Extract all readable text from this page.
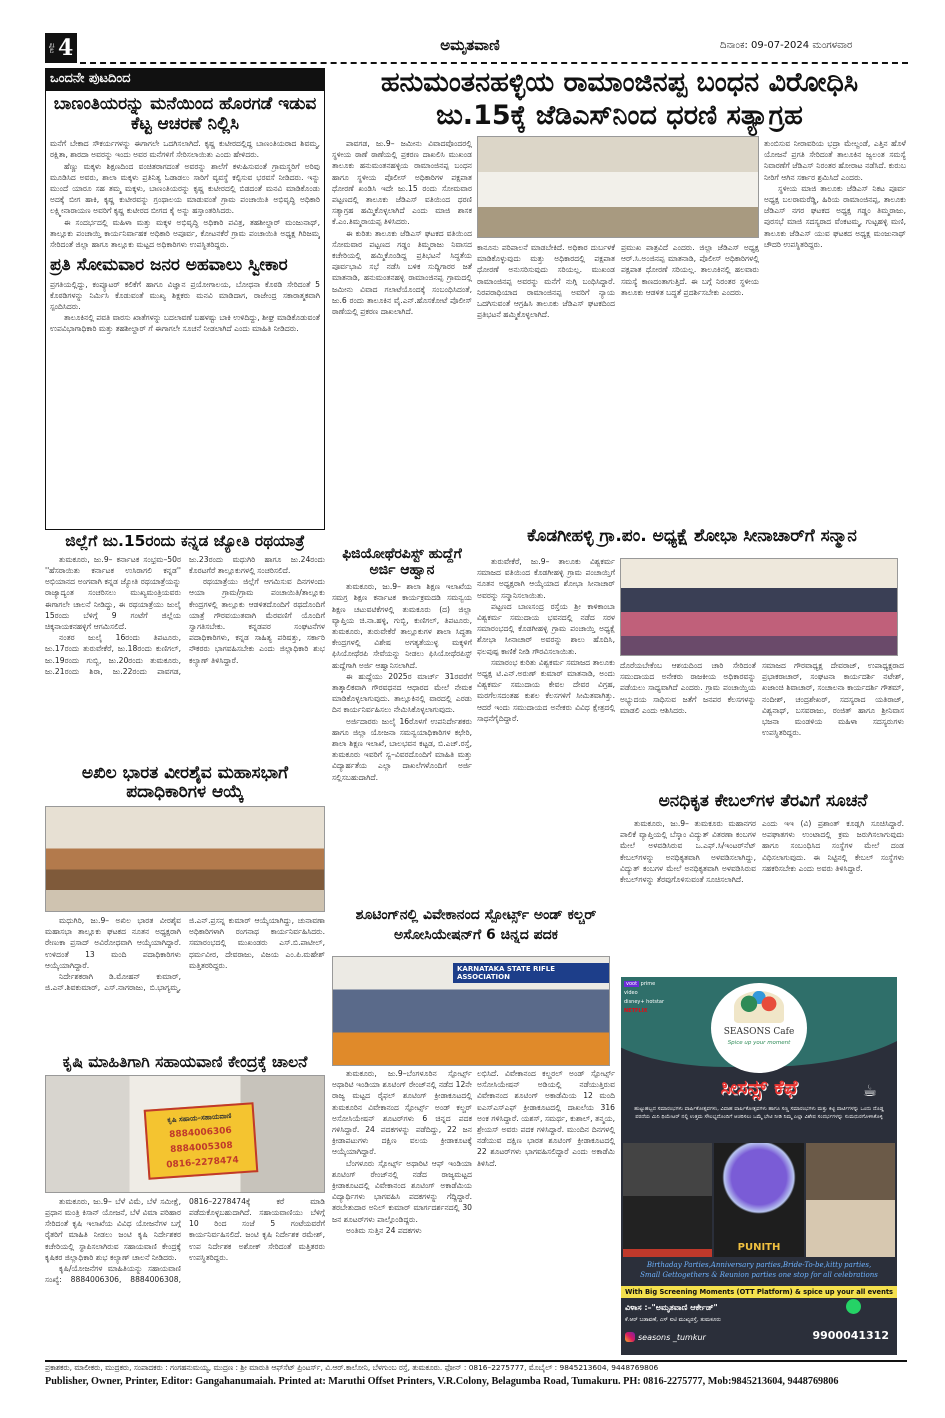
ಪುಟ 4	ಅಮೃತವಾಣಿ	ದಿನಾಂಕ: 09-07-2024 ಮಂಗಳವಾರ
ಒಂದನೇ ಪುಟದಿಂದ
ಬಾಣಂತಿಯರನ್ನು ಮನೆಯಿಂದ ಹೊರಗಡೆ ಇಡುವ ಕೆಟ್ಟ ಆಚರಣೆ ನಿಲ್ಲಿಸಿ

ಮನೆಗೆ ಬೇಕಾದ ಸೌಕರ್ಯಗಳನ್ನು ಈಗಾಗಲೇ ಒದಗಿಸಲಾಗಿದೆ. ಕೃಷ್ಣ ಕುಟೀರದಲ್ಲಿದ್ದ ಬಾಣಂತಿಯರಾದ ಶಿವಮ್ಮ, ರಕ್ಷಿತಾ, ಶಾರದಾ ಅವರನ್ನು ಇಂದು ಅವರ ಮನೆಗಳಿಗೆ ಸೇರಿಸಲಾಯಿತು ಎಂದು ಹೇಳಿದರು.

ಹೆಣ್ಣು ಮಕ್ಕಳು ಶಿಕ್ಷಣದಿಂದ ವಂಚಿತರಾಗದಂತೆ ಅವರನ್ನು ಶಾಲೆಗೆ ಕಳುಹಿಸುವಂತೆ ಗ್ರಾಮಸ್ಥರಿಗೆ ಅರಿವು ಮೂಡಿಸಿದ ಅವರು, ಶಾಲಾ ಮಕ್ಕಳು ಪ್ರತಿನಿತ್ಯ ಓಡಾಡಲು ಸಾರಿಗೆ ವ್ಯವಸ್ಥೆ ಕಲ್ಪಿಸುವ ಭರವಸೆ ನೀಡಿದರು. ಇನ್ನು ಮುಂದೆ ಯಾರೂ ಸಹ ತಮ್ಮ ಮಕ್ಕಳು, ಬಾಣಂತಿಯರನ್ನು ಕೃಷ್ಣ ಕುಟೀರದಲ್ಲಿ ಬಿಡದಂತೆ ಮನವಿ ಮಾಡಿಕೊಂಡು ಅದಕ್ಕೆ ಬೀಗ ಹಾಕಿ, ಕೃಷ್ಣ ಕುಟೀರವನ್ನು ಗ್ರಂಥಾಲಯ ಮಾಡುವಂತೆ ಗ್ರಾಮ ಪಂಚಾಯಿತಿ ಅಭಿವೃದ್ಧಿ ಅಧಿಕಾರಿ ಲಕ್ಷ್ಮೀನಾರಾಯಣ ಅವರಿಗೆ ಕೃಷ್ಣ ಕುಟೀರದ ಬೀಗದ ಕೈ ಅನ್ನು ಹಸ್ತಾಂತರಿಸಿದರು.

ಈ ಸಂದರ್ಭದಲ್ಲಿ ಮಹಿಳಾ ಮತ್ತು ಮಕ್ಕಳ ಅಭಿವೃದ್ಧಿ ಅಧಿಕಾರಿ ಪವಿತ್ರ, ತಹಶೀಲ್ದಾರ್ ಮಂಜುನಾಥ್, ತಾಲ್ಲೂಕು ಪಂಚಾಯ್ತಿ ಕಾರ್ಯನಿರ್ವಾಹಕ ಅಧಿಕಾರಿ ಅಪೂರ್ವ, ಕೋಟನಕೆರೆ ಗ್ರಾಮ ಪಂಚಾಯಿತಿ ಅಧ್ಯಕ್ಷ ಗಿರಿಜಮ್ಮ ಸೇರಿದಂತೆ ಜಿಲ್ಲಾ ಹಾಗೂ ತಾಲ್ಲೂಕು ಮಟ್ಟದ ಅಧಿಕಾರಿಗಳು ಉಪಸ್ಥಿತರಿದ್ದರು.

ಪ್ರತಿ ಸೋಮವಾರ ಜನರ ಅಹವಾಲು ಸ್ವೀಕಾರ

ಪ್ರಗತಿಯಲ್ಲಿದ್ದು, ಕಂಪ್ಯೂಟರ್ ಕಲಿಕೆಗೆ ಹಾಗೂ ವಿಜ್ಞಾನ ಪ್ರಯೋಗಾಲಯ, ಬೋಧನಾ ಕೊಠಡಿ ಸೇರಿದಂತೆ 5 ಕೊಠಡಿಗಳನ್ನು ನಿರ್ಮಿಸಿ ಕೊಡುವಂತೆ ಮುಖ್ಯ ಶಿಕ್ಷಕರು ಮನವಿ ಮಾಡಿದಾಗ, ರಾಜೇಂದ್ರ ಸಕಾರಾತ್ಮಕವಾಗಿ ಸ್ಪಂದಿಸಿದರು.

ತಾಲೂಕಿನಲ್ಲಿ ಪವತಿ ವಾರಸು ಖಾತೆಗಳನ್ನು ಬದಲಾವಣೆ ಬಹಳಷ್ಟು ಬಾಕಿ ಉಳಿದಿದ್ದು, ಶೀಘ್ರ ಮಾಡಿಕೊಡುವಂತೆ ಉಪವಿಭಾಗಾಧಿಕಾರಿ ಮತ್ತು ತಹಶೀಲ್ದಾರ್ ಗೆ ಈಗಾಗಲೇ ಸೂಚನೆ ನೀಡಲಾಗಿದೆ ಎಂದು ಮಾಹಿತಿ ನೀಡಿದರು.

ಜಿಲ್ಲೆಗೆ ಜು.15ರಂದು ಕನ್ನಡ ಜ್ಯೋತಿ ರಥಯಾತ್ರೆ

ತುಮಕೂರು, ಜು.9– ಕರ್ನಾಟಕ ಸಂಭ್ರಮ–50ರ ''ಹೆಸರಾಯಿತು ಕರ್ನಾಟಕ ಉಸಿರಾಗಲಿ ಕನ್ನಡ'' ಅಭಿಯಾನದ ಅಂಗವಾಗಿ ಕನ್ನಡ ಜ್ಯೋತಿ ರಥಯಾತ್ರೆಯನ್ನು ರಾಜ್ಯಾದ್ಯಂತ ಸಂಚರಿಸಲು ಮುಖ್ಯಮಂತ್ರಿಯವರು ಈಗಾಗಲೇ ಚಾಲನೆ ನೀಡಿದ್ದು, ಈ ರಥಯಾತ್ರೆಯು ಜುಲೈ 15ರಂದು ಬೆಳಿಗ್ಗೆ 9 ಗಂಟೆಗೆ ಜಿಲ್ಲೆಯ ಚಿಕ್ಕನಾಯಕನಹಳ್ಳಿಗೆ ಆಗಮಿಸಲಿದೆ.

ನಂತರ ಜುಲೈ 16ರಂದು ತಿಪಟೂರು, ಜು.17ರಂದು ತುರುವೇಕೆರೆ, ಜು.18ರಂದು ಕುಣಿಗಲ್, ಜು.19ರಂದು ಗುಬ್ಬಿ, ಜು.20ರಂದು ತುಮಕೂರು, ಜು.21ರಂದು ಶಿರಾ, ಜು.22ರಂದು ಪಾವಗಡ, ಜು.23ರಂದು ಮಧುಗಿರಿ ಹಾಗೂ ಜು.24ರಂದು ಕೊರಟಗೆರೆ ತಾಲ್ಲೂಕುಗಳಲ್ಲಿ ಸಂಚರಿಸಲಿದೆ.

ರಥಯಾತ್ರೆಯು ಜಿಲ್ಲೆಗೆ ಆಗಮಿಸುವ ದಿನಗಳಂದು ಆಯಾ ಗ್ರಾಮ/ಗ್ರಾಮ ಪಂಚಾಯಿತಿ/ತಾಲ್ಲೂಕು ಕೇಂದ್ರಗಳಲ್ಲಿ ತಾಲ್ಲೂಕು ಆಡಳಿತದೊಂದಿಗೆ ರಥದೊಂದಿಗೆ ಯಾತ್ರೆ ಗೌರವಯುತವಾಗಿ ಮೆರವಣಿಗೆ ಯೊಂದಿಗೆ ಸ್ವಾಗತಿಸಬೇಕು. ಕನ್ನಡಪರ ಸಂಘಟನೆಗಳ ಪದಾಧಿಕಾರಿಗಳು, ಕನ್ನಡ ಸಾಹಿತ್ಯ ಪರಿಷತ್ತು, ಸರ್ಕಾರಿ ನೌಕರರು ಭಾಗವಹಿಸಬೇಕು ಎಂದು ಜಿಲ್ಲಾಧಿಕಾರಿ ಶುಭ ಕಲ್ಯಾಣ್ ತಿಳಿಸಿದ್ದಾರೆ.

ಅಖಿಲ ಭಾರತ ವೀರಶೈವ ಮಹಾಸಭಾಗೆ ಪದಾಧಿಕಾರಿಗಳ ಆಯ್ಕೆ

ಮಧುಗಿರಿ, ಜು.9– ಅಖಿಲ ಭಾರತ ವೀರಶೈವ ಮಹಾಸಭಾ ತಾಲ್ಲೂಕು ಘಟಕದ ನೂತನ ಅಧ್ಯಕ್ಷರಾಗಿ ರೇಣುಕಾ ಪ್ರಸಾದ್ ಅವಿರೋಧವಾಗಿ ಆಯ್ಕೆಯಾಗಿದ್ದಾರೆ. ಉಳಿದಂತೆ 13 ಮಂದಿ ಪದಾಧಿಕಾರಿಗಳು ಆಯ್ಕೆಯಾಗಿದ್ದಾರೆ.

ನಿರ್ದೇಶಕರಾಗಿ ಡಿ.ಮೋಹನ್ ಕುಮಾರ್, ಜಿ.ಎನ್.ಶಿವಕುಮಾರ್, ಎಸ್.ನಾಗರಾಜು, ಬಿ.ಭಾಗ್ಯಮ್ಮ, ಜಿ.ಎನ್.ಪ್ರಸನ್ನ ಕುಮಾರ್ ಆಯ್ಕೆಯಾಗಿದ್ದು, ಚುನಾವಣಾ ಅಧಿಕಾರಿಗಳಾಗಿ ರಂಗನಾಥ ಕಾರ್ಯನಿರ್ವಹಿಸಿದರು. ಸಮಾರಂಭದಲ್ಲಿ ಮುಖಂಡರು ಎಸ್.ಬಿ.ಪಾಟೀಲ್, ಧರ್ಮವೀರ, ದೇವರಾಜು, ವಿಜಯ ಎಂ.ಪಿ.ಮಹೇಶ್ ಮತ್ತಿತರರಿದ್ದರು.

ಕೃಷಿ ಮಾಹಿತಿಗಾಗಿ ಸಹಾಯವಾಣಿ ಕೇಂದ್ರಕ್ಕೆ ಚಾಲನೆ
ಕೃಷಿ ಸಹಾಯ–ಸಹಾಯವಾಣಿ
8884006306
8884005308
0816-2278474

ತುಮಕೂರು, ಜು.9– ಬೆಳೆ ವಿಮೆ, ಬೆಳೆ ಸಮೀಕ್ಷೆ, ಪ್ರಧಾನ ಮಂತ್ರಿ ಕಿಸಾನ್ ಯೋಜನೆ, ಬೆಳೆ ವಿಮಾ ಪರಿಹಾರ ಸೇರಿದಂತೆ ಕೃಷಿ ಇಲಾಖೆಯ ವಿವಿಧ ಯೋಜನೆಗಳ ಬಗ್ಗೆ ರೈತರಿಗೆ ಮಾಹಿತಿ ನೀಡಲು ಜಂಟಿ ಕೃಷಿ ನಿರ್ದೇಶಕರ ಕಚೇರಿಯಲ್ಲಿ ಸ್ಥಾಪಿಸಲಾಗಿರುವ ಸಹಾಯವಾಣಿ ಕೇಂದ್ರಕ್ಕೆ ಕೃಷಿಕರ ಜಿಲ್ಲಾಧಿಕಾರಿ ಶುಭ ಕಲ್ಯಾಣ್ ಚಾಲನೆ ನೀಡಿದರು.

ಕೃಷಿ/ಯೋಜನೆಗಳ ಮಾಹಿತಿಯನ್ನು ಸಹಾಯವಾಣಿ ಸಂಖ್ಯೆ: 8884006306, 8884006308, 0816–2278474ಕ್ಕೆ ಕರೆ ಮಾಡಿ ಪಡೆದುಕೊಳ್ಳಬಹುದಾಗಿದೆ. ಸಹಾಯವಾಣಿಯು ಬೆಳಿಗ್ಗೆ 10 ರಿಂದ ಸಂಜೆ 5 ಗಂಟೆಯವರೆಗೆ ಕಾರ್ಯನಿರ್ವಹಿಸಲಿದೆ. ಜಂಟಿ ಕೃಷಿ ನಿರ್ದೇಶಕ ರಮೇಶ್, ಉಪ ನಿರ್ದೇಶಕ ಅಶೋಕ್ ಸೇರಿದಂತೆ ಮತ್ತಿತರರು ಉಪಸ್ಥಿತರಿದ್ದರು.

ಹನುಮಂತನಹಳ್ಳಿಯ ರಾಮಾಂಜಿನಪ್ಪ ಬಂಧನ ವಿರೋಧಿಸಿ
ಜು.15ಕ್ಕೆ ಜೆಡಿಎಸ್‌ನಿಂದ ಧರಣಿ ಸತ್ಯಾಗ್ರಹ

ಪಾವಗಡ, ಜು.9– ಜಮೀನು ವಿವಾದವೊಂದರಲ್ಲಿ ಸ್ಥಳೀಯ ಠಾಣೆ ಠಾಣೆಯಲ್ಲಿ ಪ್ರಕರಣ ದಾಖಲಿಸಿ ಮುಖಂಡ ತಾಲೂಕು ಹನುಮಂತನಹಳ್ಳಿಯ ರಾಮಾಂಜಿನಪ್ಪ ಬಂಧನ ಹಾಗೂ ಸ್ಥಳೀಯ ಪೊಲೀಸ್ ಅಧಿಕಾರಿಗಳ ಪಕ್ಷಪಾತ ಧೋರಣೆ ಖಂಡಿಸಿ ಇದೇ ಜು.15 ರಂದು ಸೋಮವಾರ ಪಟ್ಟಣದಲ್ಲಿ ತಾಲೂಕು ಜೆಡಿಎಸ್ ವತಿಯಿಂದ ಧರಣಿ ಸತ್ಯಾಗ್ರಹ ಹಮ್ಮಿಕೊಳ್ಳಲಾಗಿದೆ ಎಂದು ಮಾಜಿ ಶಾಸಕ ಕೆ.ಎಂ.ತಿಮ್ಮರಾಯಪ್ಪ ತಿಳಿಸಿದರು.

ಈ ಕುರಿತು ತಾಲೂಕು ಜೆಡಿಎಸ್ ಘಟಕದ ವತಿಯಿಂದ ಸೋಮವಾರ ಪಟ್ಟಣದ ಗಡ್ಡಂ ತಿಮ್ಮರಾಜು ನಿವಾಸದ ಕಚೇರಿಯಲ್ಲಿ ಹಮ್ಮಿಕೊಂಡಿದ್ದ ಪ್ರತಿಭಟನೆ ಸಿದ್ಧತೆಯ ಪೂರ್ವಭಾವಿ ಸಭೆ ನಡೆಸಿ ಬಳಿಕ ಸುದ್ದಿಗಾರರ ಜತೆ ಮಾತನಾಡಿ, ಹನುಮಂತನಹಳ್ಳಿ ರಾಮಾಂಜಿನಪ್ಪ ಗ್ರಾಮದಲ್ಲಿ ಜಮೀನು ವಿವಾದ ಗಲಾಟೆಯೊಂದಕ್ಕೆ ಸಂಬಂಧಿಸಿದಂತೆ, ಜು.6 ರಂದು ತಾಲೂಕಿನ ವೈ.ಎನ್.ಹೊಸಕೋಟೆ ಪೊಲೀಸ್ ಠಾಣೆಯಲ್ಲಿ ಪ್ರಕರಣ ದಾಖಲಾಗಿದೆ.

ಕಾನೂನು ಪರಿಪಾಲನೆ ಮಾಡಬೇಕಿದೆ. ಅಧಿಕಾರ ದುರ್ಬಳಕೆ ಮಾಡಿಕೊಳ್ಳುವುದು ಮತ್ತು ಅಧಿಕಾರದಲ್ಲಿ ಪಕ್ಷಪಾತ ಧೋರಣೆ ಅನುಸರಿಸುವುದು ಸರಿಯಲ್ಲ. ಮುಖಂಡ ರಾಮಾಂಜಿನಪ್ಪ ಅವರನ್ನು ಮನೆಗೆ ನುಗ್ಗಿ ಬಂಧಿಸಿದ್ದಾರೆ. ನಿರಪರಾಧಿಯಾದ ರಾಮಾಂಜಿನಪ್ಪ ಅವರಿಗೆ ನ್ಯಾಯ ಒದಗಿಸುವಂತೆ ಆಗ್ರಹಿಸಿ ತಾಲೂಕು ಜೆಡಿಎಸ್ ಘಟಕದಿಂದ ಪ್ರತಿಭಟನೆ ಹಮ್ಮಿಕೊಳ್ಳಲಾಗಿದೆ.

ಪ್ರಮುಖ ಪಾತ್ರವಿದೆ ಎಂದರು. ಜಿಲ್ಲಾ ಜೆಡಿಎಸ್ ಅಧ್ಯಕ್ಷ ಆರ್.ಸಿ.ಅಂಜಿನಪ್ಪ ಮಾತನಾಡಿ, ಪೊಲೀಸ್ ಅಧಿಕಾರಿಗಳಲ್ಲಿ ಪಕ್ಷಪಾತ ಧೋರಣೆ ಸರಿಯಲ್ಲ. ತಾಲೂಕಿನಲ್ಲಿ ಹಲವಾರು ಸಮಸ್ಯೆ ಕಾಣದಂತಾಗುತ್ತಿದೆ. ಈ ಬಗ್ಗೆ ನಿರಂತರ ಸ್ಥಳೀಯ ತಾಲೂಕು ಆಡಳಿತ ಬದ್ಧತೆ ಪ್ರದರ್ಶಿಸಬೇಕು ಎಂದರು.

ತುಂಬಿಸುವ ನೀರಾವರಿಯ ಭದ್ರಾ ಮೇಲ್ದಂಡೆ, ಎತ್ತಿನ ಹೊಳೆ ಯೋಜನೆ ಪ್ರಗತಿ ಸೇರಿದಂತೆ ತಾಲೂಕಿನ ಜ್ವಲಂತ ಸಮಸ್ಯೆ ನಿವಾರಣೆಗೆ ಜೆಡಿಎಸ್ ನಿರಂತರ ಹೋರಾಟ ನಡೆಸಿದೆ. ಕುರುಬ ನೀರಿಗೆ ಆಗಿನ ಸರ್ಕಾರ ಶ್ರಮಿಸಿದೆ ಎಂದರು.

ಸ್ಥಳೀಯ ಮಾಜಿ ತಾಲೂಕು ಜೆಡಿಎಸ್ ನಿಕಟ ಪೂರ್ವ ಅಧ್ಯಕ್ಷ ಬಲರಾಮರೆಡ್ಡಿ, ಹಿರಿಯ ರಾಮಾಂಜಿನಪ್ಪ, ತಾಲೂಕು ಜೆಡಿಎಸ್ ನಗರ ಘಟಕದ ಅಧ್ಯಕ್ಷ ಗಡ್ಡಂ ತಿಮ್ಮರಾಜು, ಪುರಸಭೆ ಮಾಜಿ ಸದಸ್ಯರಾದ ವೆಂಕಟಮ್ಮ, ಗುಟ್ಟಹಳ್ಳಿ ಮಣಿ, ತಾಲೂಕು ಜೆಡಿಎಸ್ ಯುವ ಘಟಕದ ಅಧ್ಯಕ್ಷ ಮಂಜುನಾಥ್ ಚೌದರಿ ಉಪಸ್ಥಿತರಿದ್ದರು.

ಫಿಜಿಯೋಥೆರಪಿಸ್ಟ್ ಹುದ್ದೆಗೆ ಅರ್ಜಿ ಆಹ್ವಾನ

ತುಮಕೂರು, ಜು.9– ಶಾಲಾ ಶಿಕ್ಷಣ ಇಲಾಖೆಯ ಸಮಗ್ರ ಶಿಕ್ಷಣ ಕರ್ನಾಟಕ ಕಾರ್ಯಕ್ರಮದಡಿ ಸಮನ್ವಯ ಶಿಕ್ಷಣ ಚಟುವಟಿಕೆಗಳಲ್ಲಿ ತುಮಕೂರು (ದ) ಜಿಲ್ಲಾ ವ್ಯಾಪ್ತಿಯ ಚಿ.ನಾ.ಹಳ್ಳಿ, ಗುಬ್ಬಿ, ಕುಣಿಗಲ್, ತಿಪಟೂರು, ತುಮಕೂರು, ತುರುವೇಕೆರೆ ತಾಲ್ಲೂಕುಗಳ ಶಾಲಾ ಸಿದ್ಧತಾ ಕೇಂದ್ರಗಳಲ್ಲಿ ವಿಶೇಷ ಅಗತ್ಯತೆಯುಳ್ಳ ಮಕ್ಕಳಿಗೆ ಫಿಸಿಯೋಥೆರಪಿ ಸೇವೆಯನ್ನು ನೀಡಲು ಫಿಸಿಯೋಥೆರಪಿಸ್ಟ್ ಹುದ್ದೆಗಾಗಿ ಅರ್ಜಿ ಆಹ್ವಾನಿಸಲಾಗಿದೆ.

ಈ ಹುದ್ದೆಯು 2025ರ ಮಾರ್ಚ್ 31ರವರೆಗೆ ತಾತ್ಕಾಲಿಕವಾಗಿ ಗೌರವಧನದ ಆಧಾರದ ಮೇಲೆ ನೇಮಕ ಮಾಡಿಕೊಳ್ಳಲಾಗುವುದು. ತಾಲ್ಲೂಕಿನಲ್ಲಿ ವಾರದಲ್ಲಿ ಎರಡು ದಿನ ಕಾರ್ಯನಿರ್ವಹಿಸಲು ನೇಮಿಸಿಕೊಳ್ಳಲಾಗುವುದು.

ಅರ್ಜಿದಾರರು ಜುಲೈ 16ರೊಳಗೆ ಉಪನಿರ್ದೇಶಕರು ಹಾಗೂ ಜಿಲ್ಲಾ ಯೋಜನಾ ಸಮನ್ವಯಾಧಿಕಾರಿಗಳ ಕಛೇರಿ, ಶಾಲಾ ಶಿಕ್ಷಣ ಇಲಾಖೆ, ಬಾಲಭವನ ಕಟ್ಟಡ, ಬಿ.ಎಚ್.ರಸ್ತೆ, ತುಮಕೂರು ಇವರಿಗೆ ಸ್ವ–ವಿವರದೊಂದಿಗೆ ಮಾಹಿತಿ ಮತ್ತು ವಿದ್ಯಾರ್ಹತೆಯ ಎಲ್ಲಾ ದಾಖಲೆಗಳೊಂದಿಗೆ ಅರ್ಜಿ ಸಲ್ಲಿಸಬಹುದಾಗಿದೆ.

ಕೊಡಗೀಹಳ್ಳಿ ಗ್ರಾ.ಪಂ. ಅಧ್ಯಕ್ಷೆ ಶೋಭಾ ಸೀನಾಚಾರ್‌ಗೆ ಸನ್ಮಾನ

ತುರುವೇಕೆರೆ, ಜು.9– ತಾಲೂಕು ವಿಶ್ವಕರ್ಮ ಸಮಾಜದ ವತಿಯಿಂದ ಕೊಡಗೀಹಳ್ಳಿ ಗ್ರಾಮ ಪಂಚಾಯ್ತಿಗೆ ನೂತನ ಅಧ್ಯಕ್ಷರಾಗಿ ಆಯ್ಕೆಯಾದ ಶೋಭಾ ಸೀನಾಚಾರ್ ಅವರನ್ನು ಸನ್ಮಾನಿಸಲಾಯಿತು.

ಪಟ್ಟಣದ ಬಾಣಸಂದ್ರ ರಸ್ತೆಯ ಶ್ರೀ ಕಾಳಿಕಾಂಬಾ ವಿಶ್ವಕರ್ಮ ಸಮುದಾಯ ಭವನದಲ್ಲಿ ನಡೆದ ಸರಳ ಸಮಾರಂಭದಲ್ಲಿ ಕೊಡಗೀಹಳ್ಳಿ ಗ್ರಾಮ ಪಂಚಾಯ್ತಿ ಅಧ್ಯಕ್ಷೆ ಶೋಭಾ ಸೀನಾಚಾರ್ ಅವರನ್ನು ಶಾಲು ಹೊದಿಸಿ, ಫಲಪುಷ್ಪ ಕಾಣಿಕೆ ನೀಡಿ ಗೌರವಿಸಲಾಯಿತು.

ಸಮಾರಂಭ ಕುರಿತು ವಿಶ್ವಕರ್ಮ ಸಮಾಜದ ತಾಲೂಕು ಅಧ್ಯಕ್ಷ ಟಿ.ಎನ್.ಅರುಣ್ ಕುಮಾರ್ ಮಾತನಾಡಿ, ಅಂದು ವಿಶ್ವಕರ್ಮ ಸಮುದಾಯ ಕೇವಲ ದೇವರ ವಿಗ್ರಹ, ಮರಗೆಲಸದಂತಹ ಕುಶಲ ಕೆಲಸಗಳಿಗೆ ಸೀಮಿತವಾಗಿತ್ತು. ಆದರೆ ಇಂದು ಸಮುದಾಯದ ಅನೇಕರು ವಿವಿಧ ಕ್ಷೇತ್ರದಲ್ಲಿ ಸಾಧನೆಗೈದಿದ್ದಾರೆ.

ದೊರೆಯಬೇಕೆಂಬ ಆಶಯದಿಂದ ಚಾರಿ ಸೇರಿದಂತೆ ಸಮುದಾಯದ ಅನೇಕರು ರಾಜಕೀಯ ಅಧಿಕಾರವನ್ನು ಪಡೆಯಲು ಸಾಧ್ಯವಾಗಿದೆ ಎಂದರು. ಗ್ರಾಮ ಪಂಚಾಯ್ತಿಯ ಅಭ್ಯುದಯ ಸಾಧಿಸುವ ಜತೆಗೆ ಜನಪರ ಕೆಲಸಗಳನ್ನು ಮಾಡಲಿ ಎಂದು ಆಶಿಸಿದರು.

ಸಮಾಜದ ಗೌರವಾಧ್ಯಕ್ಷ ದೇವರಾಜ್, ಉಪಾಧ್ಯಕ್ಷರಾದ ಪ್ರಭಾಕರಾಚಾರ್, ಸಂಘಟನಾ ಕಾರ್ಯದರ್ಶಿ ನಟೇಶ್, ಖಜಾಂಚಿ ಶಿವಾಚಾರ್, ಸಂಚಾಲನಾ ಕಾರ್ಯದರ್ಶಿ ಗೌತಮ್, ನಂದೀಶ್, ಚಂದ್ರಶೇಖರ್, ಸದಸ್ಯರಾದ ಯತಿರಾಜ್, ವಿಶ್ವನಾಥ್, ಬಸವರಾಜು, ರಂಜಿತ್ ಹಾಗೂ ಶ್ರೀನಿವಾಸ ಭಜನಾ ಮಂಡಳಿಯ ಮಹಿಳಾ ಸದಸ್ಯರುಗಳು ಉಪಸ್ಥಿತರಿದ್ದರು.

ಅನಧಿಕೃತ ಕೇಬಲ್‌ಗಳ ತೆರವಿಗೆ ಸೂಚನೆ

ತುಮಕೂರು, ಜು.9– ತುಮಕೂರು ಮಹಾನಗರ ಪಾಲಿಕೆ ವ್ಯಾಪ್ತಿಯಲ್ಲಿ ಬೆಸ್ಕಾಂ ವಿದ್ಯುತ್ ವಿತರಣಾ ಕಂಬಗಳ ಮೇಲೆ ಅಳವಡಿಸಿರುವ ಒ.ಎಫ್.ಸಿ/ಇಂಟರ್‌ನೆಟ್ ಕೇಬಲ್‌ಗಳನ್ನು ಅನಧಿಕೃತವಾಗಿ ಅಳವಡಿಸಲಾಗಿದ್ದು, ವಿದ್ಯುತ್ ಕಂಬಗಳ ಮೇಲೆ ಅನಧಿಕೃತವಾಗಿ ಅಳವಡಿಸಿರುವ ಕೇಬಲ್‌ಗಳನ್ನು ತೆರವುಗೊಳಿಸುವಂತೆ ಸೂಚಿಸಲಾಗಿದೆ.

ಎಂದು ಇಇ (ವಿ) ಪ್ರಶಾಂತ್ ಕೂಡ್ಲಗಿ ಸೂಚಿಸಿದ್ದಾರೆ. ಅಪಘಾತಗಳು ಉಂಟಾದಲ್ಲಿ ಕ್ರಮ ಜರುಗಿಸಲಾಗುವುದು ಹಾಗೂ ಸಂಬಂಧಿಸಿದ ಸಂಸ್ಥೆಗಳ ಮೇಲೆ ದಂಡ ವಿಧಿಸಲಾಗುವುದು. ಈ ನಿಟ್ಟಿನಲ್ಲಿ ಕೇಬಲ್ ಸಂಸ್ಥೆಗಳು ಸಹಕರಿಸಬೇಕು ಎಂದು ಅವರು ತಿಳಿಸಿದ್ದಾರೆ.

ಶೂಟಿಂಗ್‌ನಲ್ಲಿ ವಿವೇಕಾನಂದ ಸ್ಪೋರ್ಟ್ಸ್ ಅಂಡ್ ಕಲ್ಚರ್ ಅಸೋಸಿಯೇಷನ್‌ಗೆ 6 ಚಿನ್ನದ ಪದಕ
KARNATAKA STATE RIFLE ASSOCIATION

ತುಮಕೂರು, ಜು.9–ಬೆಂಗಳೂರಿನ ಸ್ಪೋರ್ಟ್ಸ್ ಅಥಾರಿಟಿ ಇಂಡಿಯಾ ಶೂಟಿಂಗ್ ರೇಂಜ್‌ನಲ್ಲಿ ನಡೆದ 12ನೇ ರಾಜ್ಯ ಮಟ್ಟದ ರೈಫಲ್ ಶೂಟಿಂಗ್ ಕ್ರೀಡಾಕೂಟದಲ್ಲಿ ತುಮಕೂರಿನ ವಿವೇಕಾನಂದ ಸ್ಪೋರ್ಟ್ಸ್ ಅಂಡ್ ಕಲ್ಚರ್ ಅಸೋಸಿಯೇಷನ್ ಶೂಟರ್‌ಗಳು 6 ಚಿನ್ನದ ಪದಕ ಗಳಿಸಿದ್ದಾರೆ. 24 ಪದಕಗಳನ್ನು ಪಡೆದಿದ್ದು, 22 ಜನ ಕ್ರೀಡಾಪಟುಗಳು ದಕ್ಷಿಣ ವಲಯ ಕ್ರೀಡಾಕೂಟಕ್ಕೆ ಆಯ್ಕೆಯಾಗಿದ್ದಾರೆ.

ಬೆಂಗಳೂರು ಸ್ಪೋರ್ಟ್ಸ್ ಅಥಾರಿಟಿ ಆಫ್ ಇಂಡಿಯಾ ಶೂಟಿಂಗ್ ರೇಂಜ್‌ನಲ್ಲಿ ನಡೆದ ರಾಜ್ಯಮಟ್ಟದ ಕ್ರೀಡಾಕೂಟದಲ್ಲಿ ವಿವೇಕಾನಂದ ಶೂಟಿಂಗ್ ಅಕಾಡೆಮಿಯ ವಿದ್ಯಾರ್ಥಿಗಳು ಭಾಗವಹಿಸಿ ಪದಕಗಳನ್ನು ಗೆದ್ದಿದ್ದಾರೆ. ತರಬೇತುದಾರ ಅನಿಲ್ ಕುಮಾರ್ ಮಾರ್ಗದರ್ಶನದಲ್ಲಿ 30 ಜನ ಶೂಟರ್‌ಗಳು ಪಾಲ್ಗೊಂಡಿದ್ದರು.

ಅಂತಿಮ ಸುತ್ತಿನ 24 ಪದಕಗಳು

ಲಭಿಸಿದೆ. ವಿವೇಕಾನಂದ ಕಲ್ಚರಲ್ ಅಂಡ್ ಸ್ಪೋರ್ಟ್ಸ್ ಅಸೋಸಿಯೇಷನ್ ಅಡಿಯಲ್ಲಿ ನಡೆಯುತ್ತಿರುವ ವಿವೇಕಾನಂದ ಶೂಟಿಂಗ್ ಅಕಾಡೆಮಿಯ 12 ಮಂದಿ ಐಎಸ್‌ಎಸ್‌ಎಫ್ ಕ್ರೀಡಾಕೂಟದಲ್ಲಿ ದಾಖಲೆಯ 316 ಅಂಕ ಗಳಿಸಿದ್ದಾರೆ. ಯಶಸ್, ಸಮರ್ಥ, ಕುಶಾಲ್, ತನ್ಮಯ, ಶ್ರೇಯಸ್ ಅವರು ಪದಕ ಗಳಿಸಿದ್ದಾರೆ. ಮುಂದಿನ ದಿನಗಳಲ್ಲಿ ನಡೆಯುವ ದಕ್ಷಿಣ ಭಾರತ ಶೂಟಿಂಗ್ ಕ್ರೀಡಾಕೂಟದಲ್ಲಿ 22 ಶೂಟರ್‌ಗಳು ಭಾಗವಹಿಸಲಿದ್ದಾರೆ ಎಂದು ಅಕಾಡೆಮಿ ತಿಳಿಸಿದೆ.

voot prime video
disney+ hotstar NETFLIX
SEASONS Cafe
Spice up your moment
ಸೀಸನ್ಸ್ ಕೆಫೆ	☕
ಹುಟ್ಟುಹಬ್ಬದ ಸಮಾರಂಭಗಳು ವಾರ್ಷಿಕೋತ್ಸವಗಳು, ವಿವಾಹ ವಾರ್ಷಿಕೋತ್ಸವಗಳು ಹಾಗೂ ಸಣ್ಣ ಸಮಾರಂಭಗಳು ಮತ್ತು ಕಿಟ್ಟಿ ಪಾರ್ಟಿಗಳನ್ನು ಒಂದು ದೊಡ್ಡ ಪರದೆಯ ಮಿನಿ ಥಿಯೇಟರ್ ನಲ್ಲಿ ಉತ್ತಮ ಸೌಲಭ್ಯದೊಂದಿಗೆ ಆಚರಿಸಲು ಒಮ್ಮೆ ಭೇಟಿ ನೀಡಿ ನಿಮ್ಮ ಎಲ್ಲಾ ವಿಶೇಷ ಸಂದರ್ಭಗಳನ್ನು ಸುಮಧುರಗೊಳಿಸಿಕೊಳ್ಳಿ
PUNITH
Birthaday Parties,Anniversary parties,Bride-To-be,kitty parties,
Small Gettogethers & Reunion parties one stop for all celebrations
With Big Screening Moments (OTT Platform) & spice up your all events
ವಿಳಾಸ :–"ಅಮೃತವಾಣಿ ಆರ್ಕೇಡ್"
ಕೆ.ಆರ್ ಬಡಾವಣೆ, ಎಸ್ ಐಟಿ ಮುಖ್ಯರಸ್ತೆ, ತುಮಕೂರು
seasons _tumkur	9900041312
ಪ್ರಕಾಶಕರು, ಮಾಲೀಕರು, ಮುದ್ರಕರು, ಸಂಪಾದಕರು : ಗಂಗಹನುಮಯ್ಯ, ಮುದ್ರಣ : ಶ್ರೀ ಮಾರುತಿ ಆಫ್‌ಸೆಟ್ ಪ್ರಿಂಟರ್ಸ್, ವಿ.ಆರ್.ಕಾಲೋನಿ, ಬೆಳಗುಂಬ ರಸ್ತೆ, ತುಮಕೂರು. ಫೋನ್ : 0816–2275777, ಮೊಬೈಲ್ : 9845213604, 9448769806
Publisher, Owner, Printer, Editor: Gangahanumaiah. Printed at: Maruthi Offset Printers, V.R.Colony, Belagumba Road, Tumakuru. PH: 0816-2275777, Mob:9845213604, 9448769806
